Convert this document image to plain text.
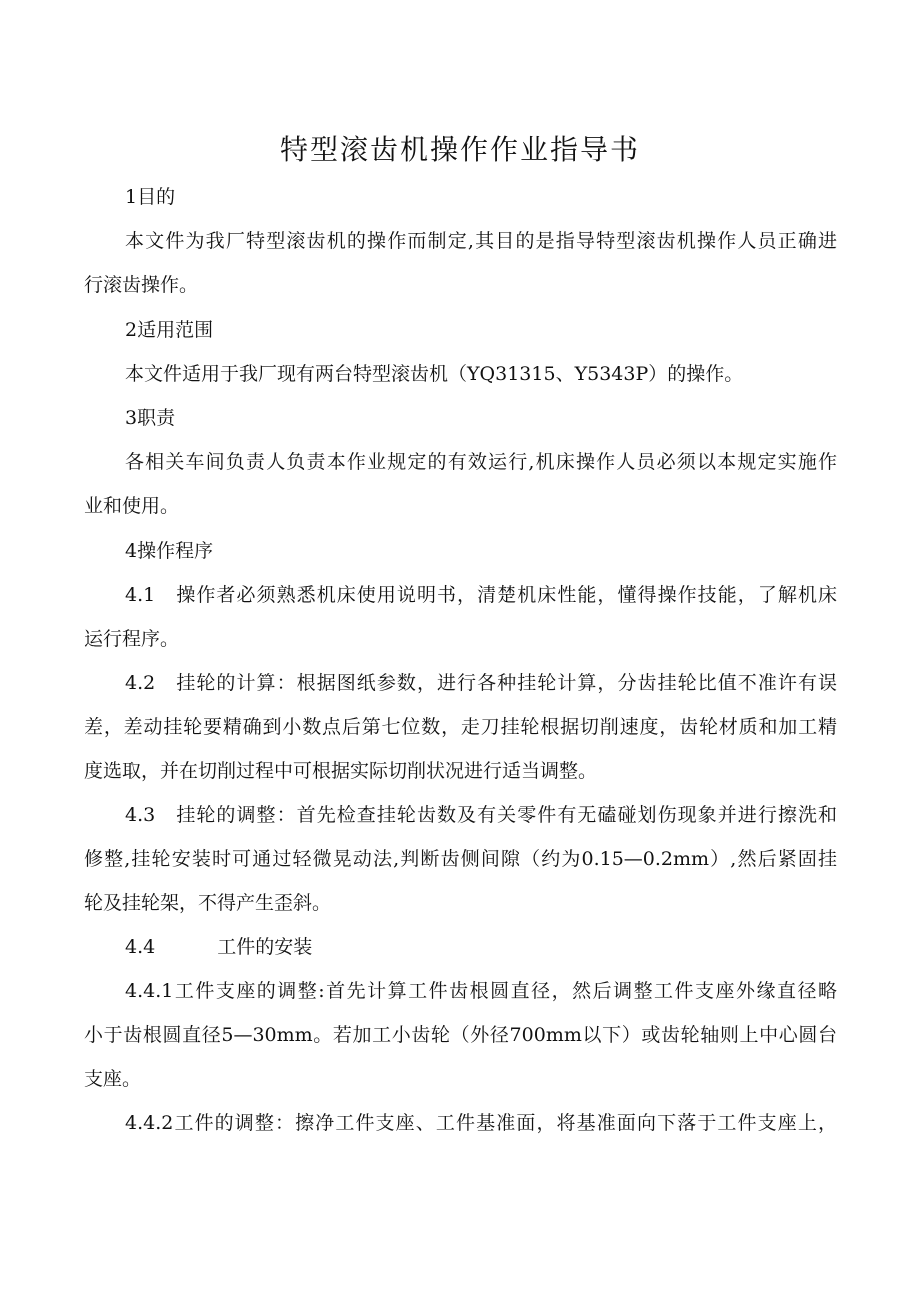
特型滚齿机操作作业指导书

1目的

本文件为我厂特型滚齿机的操作而制定,其目的是指导特型滚齿机操作人员正确进

行滚齿操作。

2适用范围

本文件适用于我厂现有两台特型滚齿机（YQ31315、Y5343P）的操作。

3职责

各相关车间负责人负责本作业规定的有效运行,机床操作人员必须以本规定实施作

业和使用。

4操作程序

4.1　操作者必须熟悉机床使用说明书，清楚机床性能，懂得操作技能，了解机床

运行程序。

4.2　挂轮的计算：根据图纸参数，进行各种挂轮计算，分齿挂轮比值不准许有误

差，差动挂轮要精确到小数点后第七位数，走刀挂轮根据切削速度，齿轮材质和加工精

度选取，并在切削过程中可根据实际切削状况进行适当调整。

4.3　挂轮的调整：首先检查挂轮齿数及有关零件有无磕碰划伤现象并进行擦洗和

修整,挂轮安装时可通过轻微晃动法,判断齿侧间隙（约为0.15—0.2mm）,然后紧固挂

轮及挂轮架，不得产生歪斜。

4.4	工件的安装

4.4.1工件支座的调整:首先计算工件齿根圆直径，然后调整工件支座外缘直径略

小于齿根圆直径5—30mm。若加工小齿轮（外径700mm以下）或齿轮轴则上中心圆台

支座。

4.4.2工件的调整：擦净工件支座、工件基准面，将基准面向下落于工件支座上，
